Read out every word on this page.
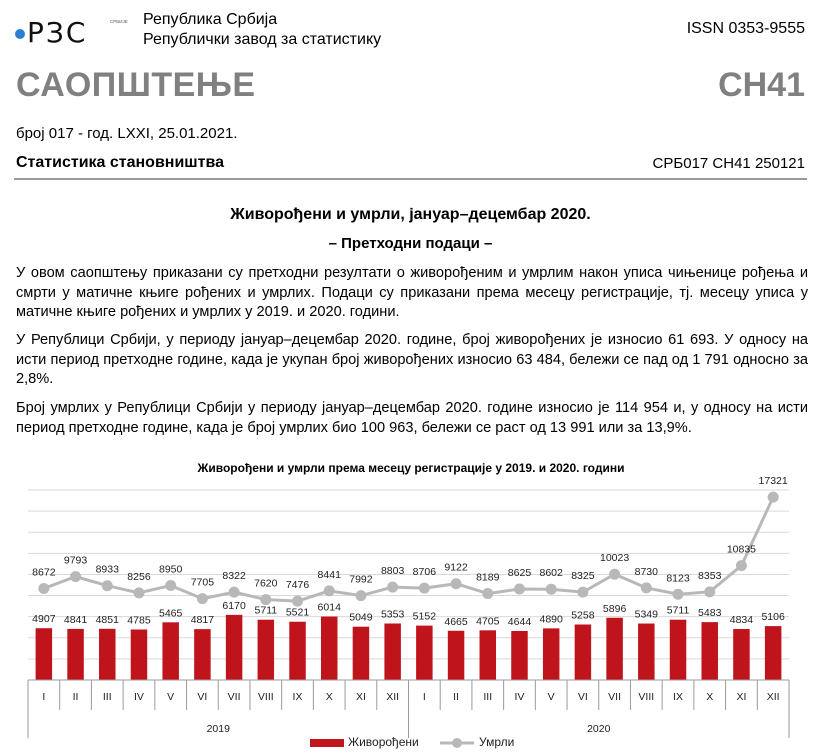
РЗС	СРБИЈЕ Република Србија
Републички завод за статистику
ISSN 0353-9555
САОПШТЕЊЕ	СН41
број 017 - год. LXXI, 25.01.2021.
Статистика становништва	СРБ017 СН41 250121
Живорођени и умрли, јануар–децембар 2020.
– Претходни подаци –
У овом саопштењу приказани су претходни резултати о живорођеним и умрлим након уписа чињенице рођења и смрти у матичне књиге рођених и умрлих. Подаци су приказани према месецу регистрације, тј. месецу уписа у матичне књиге рођених и умрлих у 2019. и 2020. години.
У Републици Србији, у периоду јануар–децембар 2020. године, број живорођених је износио 61 693. У односу на исти период претходне године, када је укупан број живорођених износио 63 484, бележи се пад од 1 791 односно за 2,8%.
Број умрлих у Републици Србији у периоду јануар–децембар 2020. године износио је 114 954 и, у односу на исти период претходне године, када је број умрлих био 100 963, бележи се раст од 13 991 или за 13,9%.
Живорођени и умрли према месецу регистрације у 2019. и 2020. години
4907 4841 4851 4785
5465
4817
6170 5711 5521 6014
5049 5353 5152 4665 4705 4644 4890 5258
5896 5349 5711 5483
4834 5106
8672
9793
8933
8256
8950
7705
8322
7620 7476
8441 7992
8803 8706 9122
8189 8625 8602 8325
10023
8730
8123 8353
10835
17321
I	II III IV V VI VII VIII IX X XI XII I	II III IV V VI VII VIII IX X XI XII
2019	2020
Живорођени	Умрли
